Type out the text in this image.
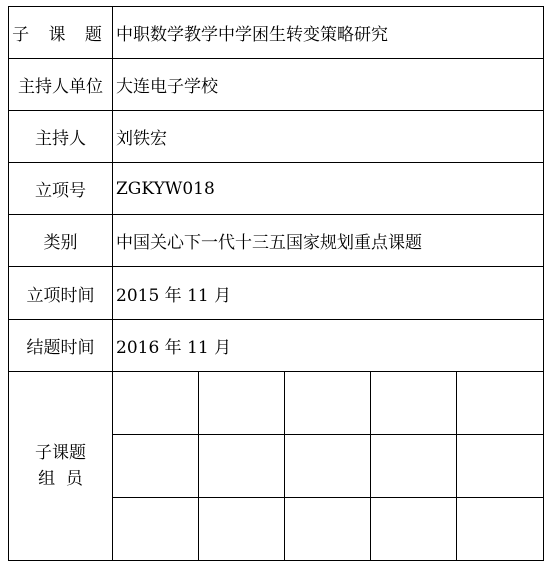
子 课 题	中职数学教学中学困生转变策略研究				
主持人单位	大连电子学校				
主持人	刘铁宏				
立项号	ZGKYW018				
类别	中国关心下一代十三五国家规划重点课题				
立项时间	2015 年 11 月				
结题时间	2016 年 11 月				

子课题
组  员					
